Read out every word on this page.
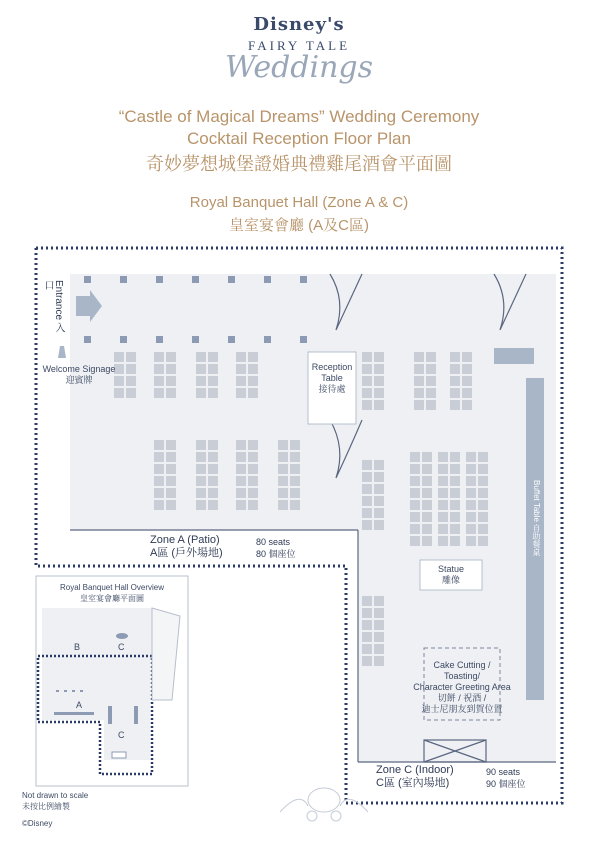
Disney's
FAIRY TALE
Weddings
“Castle of Magical Dreams” Wedding Ceremony
Cocktail Reception Floor Plan
奇妙夢想城堡證婚典禮雞尾酒會平面圖
Royal Banquet Hall (Zone A & C)
皇室宴會廳 (A及C區)
Entrance 入口
Welcome Signage
迎賓牌
Reception
Table
接待處
Buffet Table 自助餐桌
Statue
雕像
Cake Cutting /
Toasting/
Character Greeting Area
切餅 / 祝酒 /
迪士尼朋友到賀位置
Zone A (Patio)
A區 (戶外場地)
80 seats
80 個座位
Zone C (Indoor)
C區 (室內場地)
90 seats
90 個座位
Royal Banquet Hall Overview
皇室宴會廳平面圖
B	C
A
C
Not drawn to scale
未按比例繪製
©Disney
